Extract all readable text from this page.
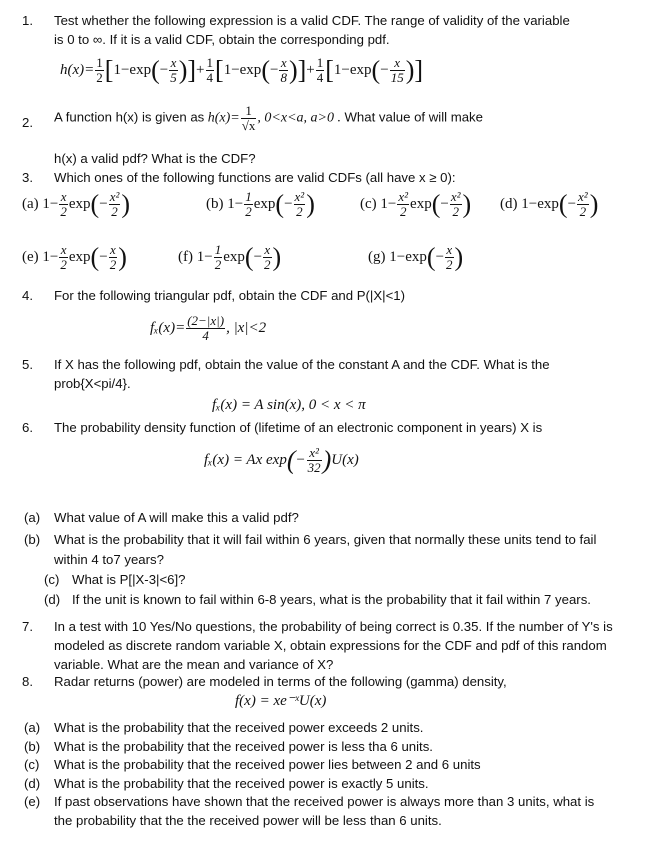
1. Test whether the following expression is a valid CDF. The range of validity of the variable
is 0 to ∞. If it is a valid CDF, obtain the corresponding pdf.
$h(x)= \frac{1}{2} [1-\exp(- \frac{x}{5}$ )]+ $\frac{1}{4} [1-\exp(- \frac{x}{8}$ )]+ $\frac{1}{4} [1-\exp(- \frac{x}{15}$ )]
2. A function h(x) is given as $h(x)= \frac{1}{√x}$ , 0<x<a, a>0 . What value of will make
h(x) a valid pdf? What is the CDF?
3. Which ones of the following functions are valid CDFs (all have x ≥ 0):
(a) $1- \frac{x}{2} \exp(- \frac{\text{x²}}{2}$ )	(b) $1- \frac{1}{2} \exp(- \frac{\text{x²}}{2}$ )	(c) $1- \frac{\text{x²}}{2} \exp(- \frac{\text{x²}}{2}$ ) (d) $1-\exp(- \frac{\text{x²}}{2}$ )
(e) $1- \frac{x}{2} \exp(- \frac{x}{2}$ )	(f) $1- \frac{1}{2} \exp(- \frac{x}{2}$ )	(g) $1-\exp(- \frac{x}{2}$ )
4. For the following triangular pdf, obtain the CDF and P(|X|<1)
$f_x(x)= \frac{(2-|x|)}{4}$ , |x|<2
5. If X has the following pdf, obtain the value of the constant A and the CDF. What is the
prob{X<pi/4}.
fₓ(x) = A sin(x), 0 < x < π
6. The probability density function of (lifetime of an electronic component in years) X is
fₓ(x) = Ax $\exp(- \frac{\text{x²}}{32} )U(x)$
(a) What value of A will make this a valid pdf?
(b) What is the probability that it will fail within 6 years, given that normally these units tend to fail
within 4 to7 years?
(c) What is P[|X-3|<6]?
(d) If the unit is known to fail within 6-8 years, what is the probability that it fail within 7 years.
7. In a test with 10 Yes/No questions, the probability of being correct is 0.35. If the number of Y's is
modeled as discrete random variable X, obtain expressions for the CDF and pdf of this random
variable. What are the mean and variance of X?
8. Radar returns (power) are modeled in terms of the following (gamma) density,
f(x) = xe⁻ˣU(x)
(a) What is the probability that the received power exceeds 2 units.
(b) What is the probability that the received power is less tha 6 units.
(c) What is the probability that the received power lies between 2 and 6 units
(d) What is the probability that the received power is exactly 5 units.
(e) If past observations have shown that the received power is always more than 3 units, what is
the probability that the the received power will be less than 6 units.
